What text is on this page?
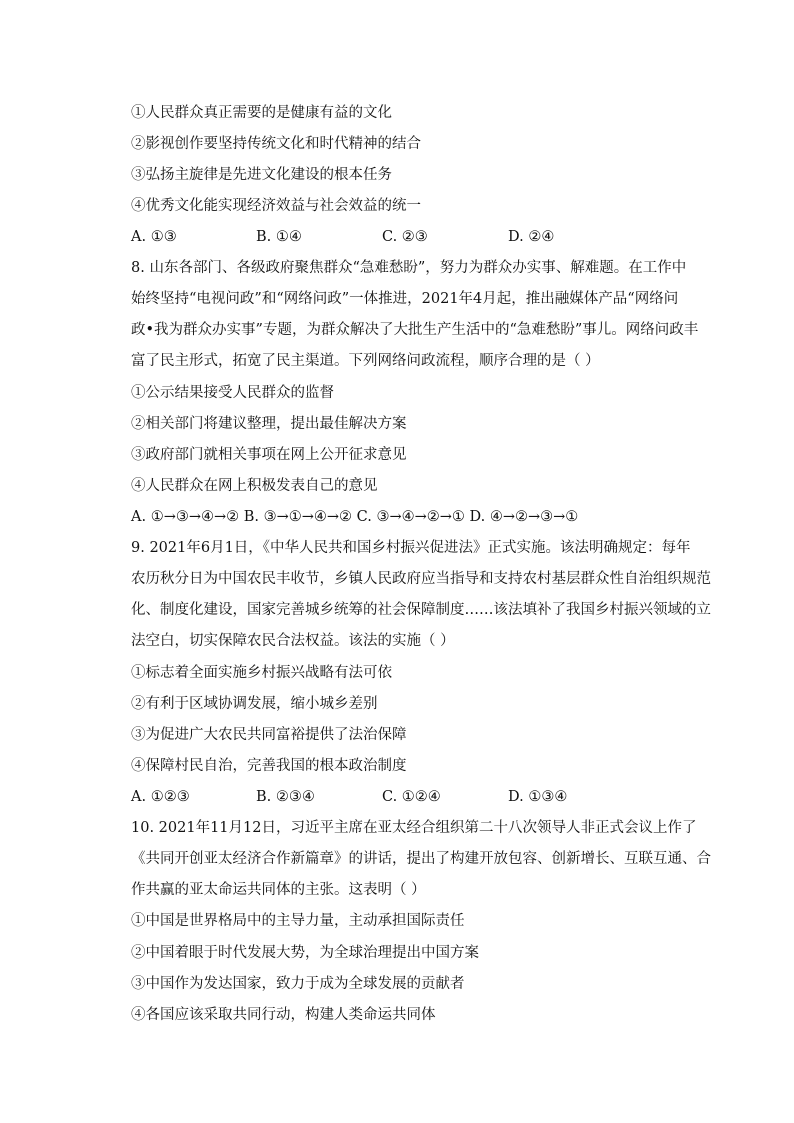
①人民群众真正需要的是健康有益的文化
②影视创作要坚持传统文化和时代精神的结合
③弘扬主旋律是先进文化建设的根本任务
④优秀文化能实现经济效益与社会效益的统一
A. ①③	B. ①④	C. ②③	D. ②④
8. 山东各部门、各级政府聚焦群众“急难愁盼”，努力为群众办实事、解难题。在工作中
始终坚持“电视问政”和“网络问政”一体推进，2021年4月起，推出融媒体产品“网络问
政•我为群众办实事”专题，为群众解决了大批生产生活中的“急难愁盼”事儿。网络问政丰
富了民主形式，拓宽了民主渠道。下列网络问政流程，顺序合理的是（ ）
①公示结果接受人民群众的监督
②相关部门将建议整理，提出最佳解决方案
③政府部门就相关事项在网上公开征求意见
④人民群众在网上积极发表自己的意见
A. ①→③→④→② B. ③→①→④→② C. ③→④→②→① D. ④→②→③→①
9. 2021年6月1日，《中华人民共和国乡村振兴促进法》正式实施。该法明确规定：每年
农历秋分日为中国农民丰收节，乡镇人民政府应当指导和支持农村基层群众性自治组织规范
化、制度化建设，国家完善城乡统筹的社会保障制度……该法填补了我国乡村振兴领域的立
法空白，切实保障农民合法权益。该法的实施（ ）
①标志着全面实施乡村振兴战略有法可依
②有利于区域协调发展，缩小城乡差别
③为促进广大农民共同富裕提供了法治保障
④保障村民自治，完善我国的根本政治制度
A. ①②③	B. ②③④	C. ①②④	D. ①③④
10. 2021年11月12日，习近平主席在亚太经合组织第二十八次领导人非正式会议上作了
《共同开创亚太经济合作新篇章》的讲话，提出了构建开放包容、创新增长、互联互通、合
作共赢的亚太命运共同体的主张。这表明（ ）
①中国是世界格局中的主导力量，主动承担国际责任
②中国着眼于时代发展大势，为全球治理提出中国方案
③中国作为发达国家，致力于成为全球发展的贡献者
④各国应该采取共同行动，构建人类命运共同体
